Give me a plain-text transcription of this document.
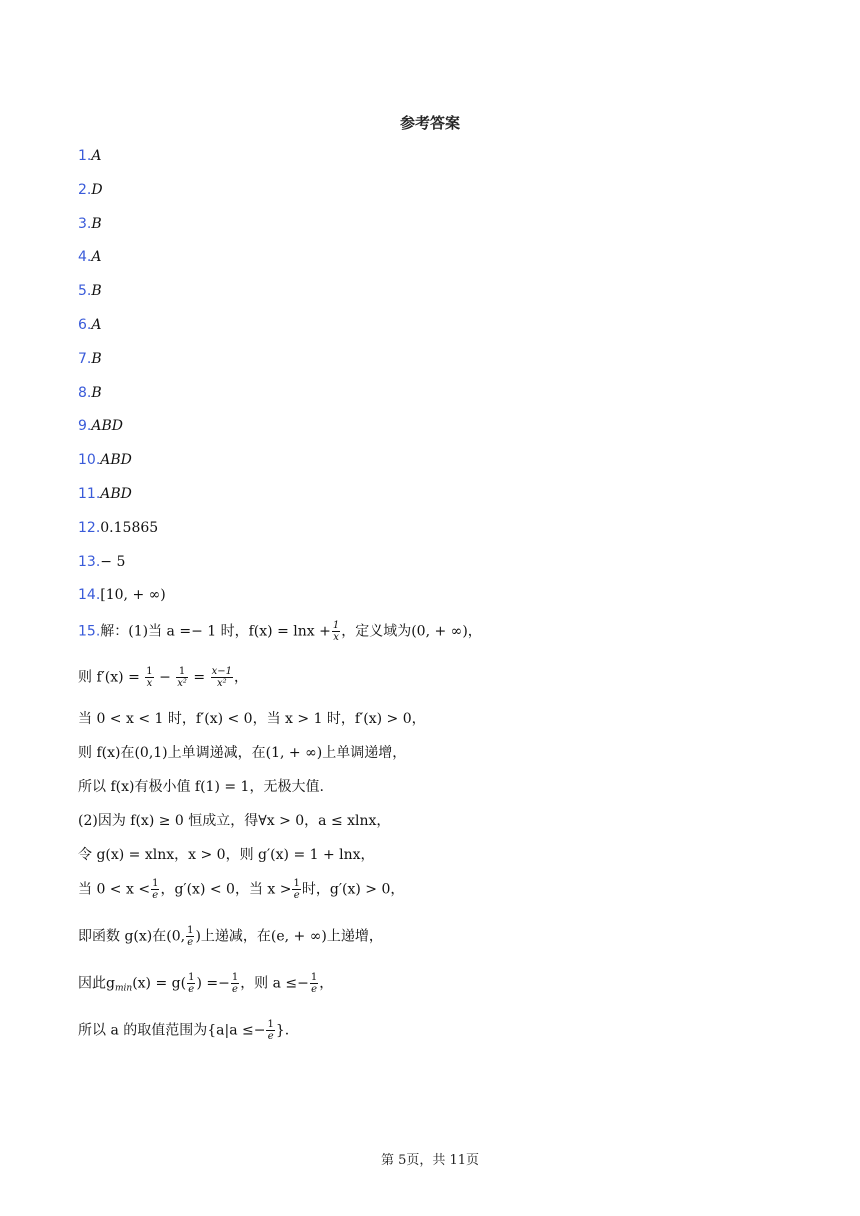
参考答案
1.A
2.D
3.B
4.A
5.B
6.A
7.B
8.B
9.ABD
10.ABD
11.ABD
12.0.15865
13.− 5
14.[10, + ∞)
15.解：(1)当 a =− 1 时，$f(x) = \ln x + \frac{1}{x}$ ，定义域为(0, + ∞)，
则 $f'(x) = \frac{1}{x} - \frac{1}{\text{x²}} = \frac{x-1}{\text{x²}}$ ，
当 0 < x < 1 时，f′(x) < 0，当 x > 1 时，f′(x) > 0，
则 f(x)在(0,1)上单调递减，在(1, + ∞)上单调递增，
所以 f(x)有极小值 f(1) = 1，无极大值.
(2)因为 f(x) ≥ 0 恒成立，得∀x > 0，a ≤ xlnx，
令 g(x) = xlnx，x > 0，则 g′(x) = 1 + lnx，
当 $0 < x < \frac{1}{e}$ ，g′(x) < 0，当 $x > \frac{1}{e}$ 时，g′(x) > 0，
即函数 g(x)在(0, $\frac{1}{e}$ )上递减，在(e, + ∞)上递增，
因此$g_{min}(x) = g( \frac{1}{e}$ ) =− $\frac{1}{e}$ ，则 $a \le- \frac{1}{e}$ ，
所以 a 的取值范围为{$a|a \le- \frac{1}{e}$ }.
第 5页，共 11页
